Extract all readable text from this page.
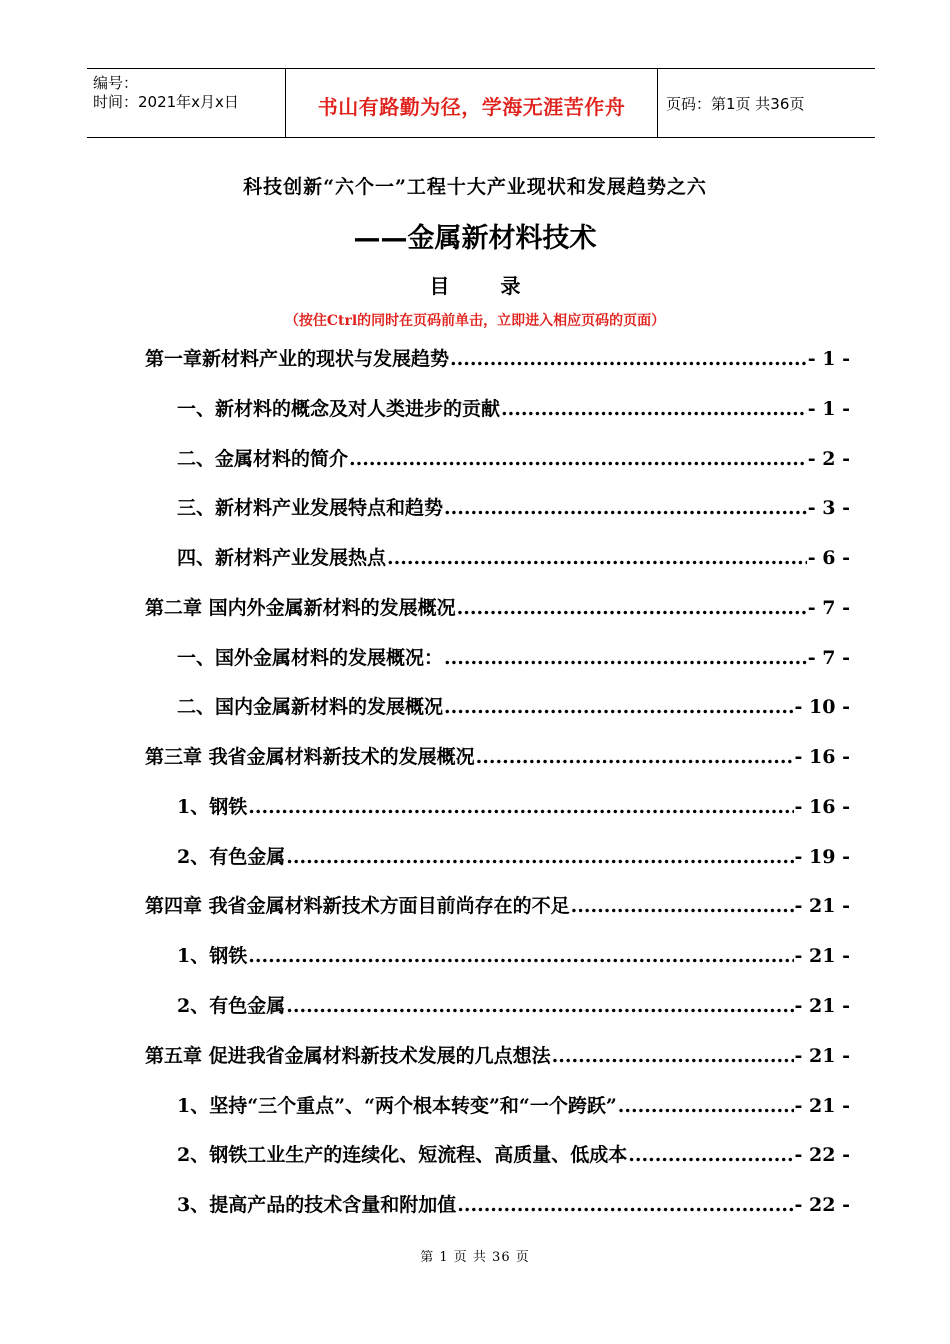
编号：
时间：2021年x月x日	书山有路勤为径，学海无涯苦作舟	页码：第1页 共36页
科技创新“六个一”工程十大产业现状和发展趋势之六
——金属新材料技术
目 录
（按住Ctrl的同时在页码前单击，立即进入相应页码的页面）
第一章新材料产业的现状与发展趋势 .....	- 1 -
一、新材料的概念及对人类进步的贡献 .....	- 1 -
二、金属材料的简介 .....	- 2 -
三、新材料产业发展特点和趋势 .....	- 3 -
四、新材料产业发展热点 .....	- 6 -
第二章 国内外金属新材料的发展概况 .....	- 7 -
一、国外金属材料的发展概况： .....	- 7 -
二、国内金属新材料的发展概况 .....	- 10 -
第三章 我省金属材料新技术的发展概况 .....	- 16 -
1、钢铁 .....	- 16 -
2、有色金属 .....	- 19 -
第四章 我省金属材料新技术方面目前尚存在的不足 .....	- 21 -
1、钢铁 .....	- 21 -
2、有色金属 .....	- 21 -
第五章 促进我省金属材料新技术发展的几点想法 .....	- 21 -
1、坚持“三个重点”、“两个根本转变”和“一个跨跃” .....	- 21 -
2、钢铁工业生产的连续化、短流程、高质量、低成本 .....	- 22 -
3、提高产品的技术含量和附加值 .....	- 22 -
第 1 页 共 36 页
